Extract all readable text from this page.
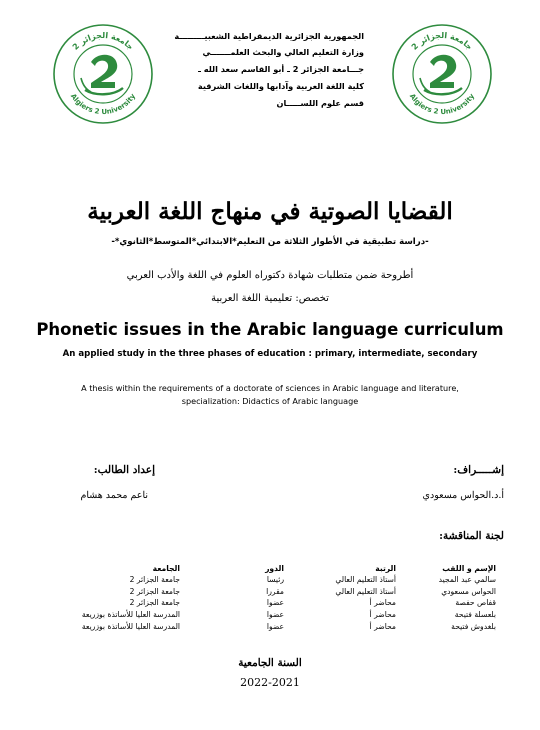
جامعة الجزائر 2
Algiers 2 University
جامعة الجزائر 2
Algiers 2 University
الجمهورية الجزائرية الديمقراطية الشعبيـــــــــة
وزارة التعليم العالي والبحث العلمـــــــي
جـــامعة الجزائر 2 ـ أبو القاسم سعد الله ـ
كلية اللغة العربية وآدابها واللغات الشرقية
قسم علوم اللســـــان
القضايا الصوتية في منهاج اللغة العربية
-دراسة تطبيقية في الأطوار الثلاثة من التعليم*الابتدائي*المتوسط*الثانوي*-
أطروحة ضمن متطلبات شهادة دكتوراه العلوم في اللغة والأدب العربي
تخصص: تعليمية اللغة العربية
Phonetic issues in the Arabic language curriculum
An applied study in the three phases of education : primary, intermediate, secondary
A thesis within the requirements of a doctorate of sciences in Arabic language and literature,
specialization: Didactics of Arabic language
إشـــــراف:
أ.د.الحواس مسعودي
إعداد الطالب:
ناعم محمد هشام
لجنة المناقشة:
الإسم و اللقب	الرتبة	الدور	الجامعة
سالمي عبد المجيد	أستاذ التعليم العالي	رئيسا	جامعة الجزائر 2
الحواس مسعودي	أستاذ التعليم العالي	مقررا	جامعة الجزائر 2
قفاص حفصة	محاضر أ	عضوا	جامعة الجزائر 2
بلعسلة فتيحة	محاضر أ	عضوا	المدرسة العليا للأساتذة بوزريعة
بلغدوش فتيحة	محاضر أ	عضوا	المدرسة العليا للأساتذة بوزريعة
السنة الجامعية
2022-2021
